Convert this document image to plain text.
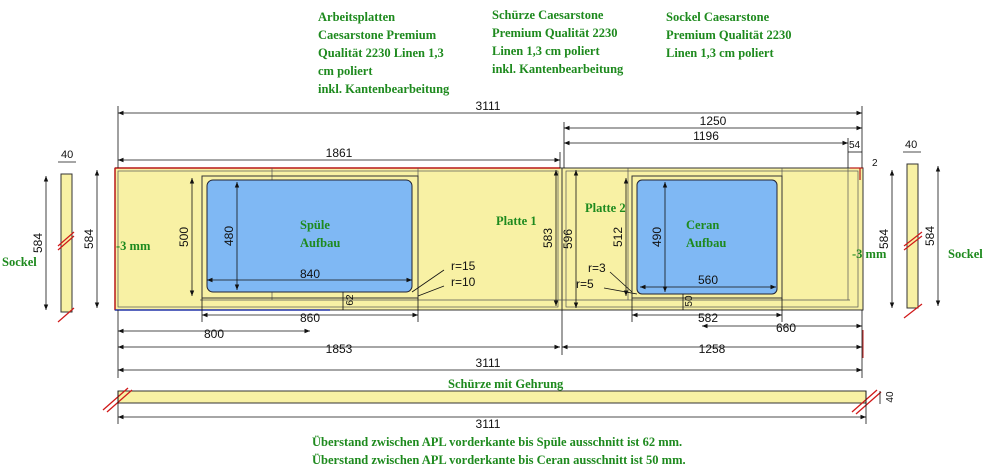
Arbeitsplatten
Caesarstone Premium
Qualität 2230 Linen 1,3
cm poliert
inkl. Kantenbearbeitung
Schürze Caesarstone
Premium Qualität 2230
Linen 1,3 cm poliert
inkl. Kantenbearbeitung
Sockel Caesarstone
Premium Qualität 2230
Linen 1,3 cm poliert
3111
1250
1196
1861
54
2
40
40
584	584	500	480	583 596	512 490	584	584
840
r=15
r=10
r=3
r=5	560
62	50
860	582
800	660
1853	1258
3111
40
3111
Spüle
Aufbau
Platte 1
Platte 2
Ceran
Aufbau
-3 mm
-3 mm
Sockel
Sockel
Schürze mit Gehrung
Überstand zwischen APL vorderkante bis Spüle ausschnitt ist 62 mm.
Überstand zwischen APL vorderkante bis Ceran ausschnitt ist 50 mm.
